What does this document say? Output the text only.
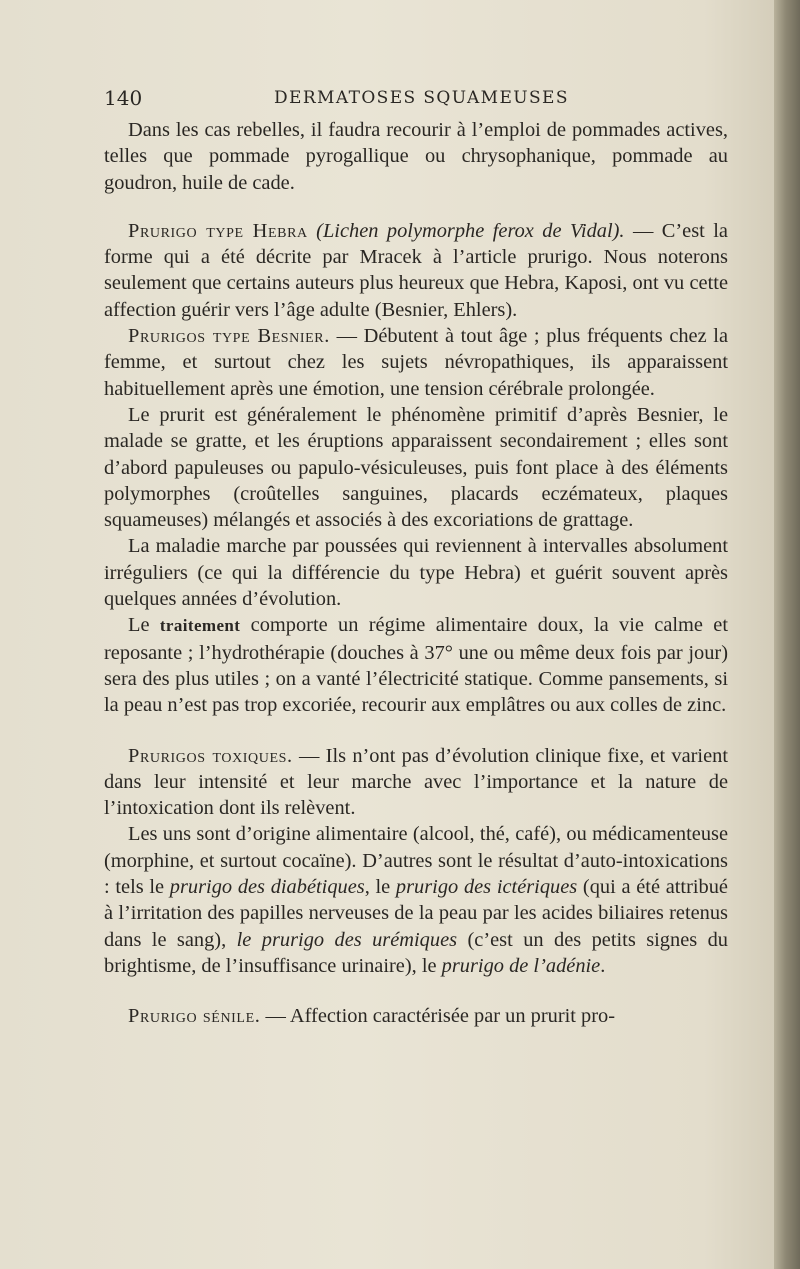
140	DERMATOSES SQUAMEUSES

Dans les cas rebelles, il faudra recourir à l’emploi de pommades actives, telles que pommade pyrogallique ou chrysophanique, pommade au goudron, huile de cade.

Prurigo type Hebra (Lichen polymorphe ferox de Vidal). — C’est la forme qui a été décrite par Mracek à l’article prurigo. Nous noterons seulement que certains auteurs plus heureux que Hebra, Kaposi, ont vu cette affection guérir vers l’âge adulte (Besnier, Ehlers).

Prurigos type Besnier. — Débutent à tout âge ; plus fréquents chez la femme, et surtout chez les sujets névropathiques, ils apparaissent habituellement après une émotion, une tension cérébrale prolongée.

Le prurit est généralement le phénomène primitif d’après Besnier, le malade se gratte, et les éruptions apparaissent secondairement ; elles sont d’abord papuleuses ou papulo-vésiculeuses, puis font place à des éléments polymorphes (croûtelles sanguines, placards eczémateux, plaques squameuses) mélangés et associés à des excoriations de grattage.

La maladie marche par poussées qui reviennent à intervalles absolument irréguliers (ce qui la différencie du type Hebra) et guérit souvent après quelques années d’évolution.

Le traitement comporte un régime alimentaire doux, la vie calme et reposante ; l’hydrothérapie (douches à 37° une ou même deux fois par jour) sera des plus utiles ; on a vanté l’électricité statique. Comme pansements, si la peau n’est pas trop excoriée, recourir aux emplâtres ou aux colles de zinc.

Prurigos toxiques. — Ils n’ont pas d’évolution clinique fixe, et varient dans leur intensité et leur marche avec l’importance et la nature de l’intoxication dont ils relèvent.

Les uns sont d’origine alimentaire (alcool, thé, café), ou médicamenteuse (morphine, et surtout cocaïne). D’autres sont le résultat d’auto-intoxications : tels le prurigo des diabétiques, le prurigo des ictériques (qui a été attribué à l’irritation des papilles nerveuses de la peau par les acides biliaires retenus dans le sang), le prurigo des urémiques (c’est un des petits signes du brightisme, de l’insuffisance urinaire), le prurigo de l’adénie.

Prurigo sénile. — Affection caractérisée par un prurit pro-
